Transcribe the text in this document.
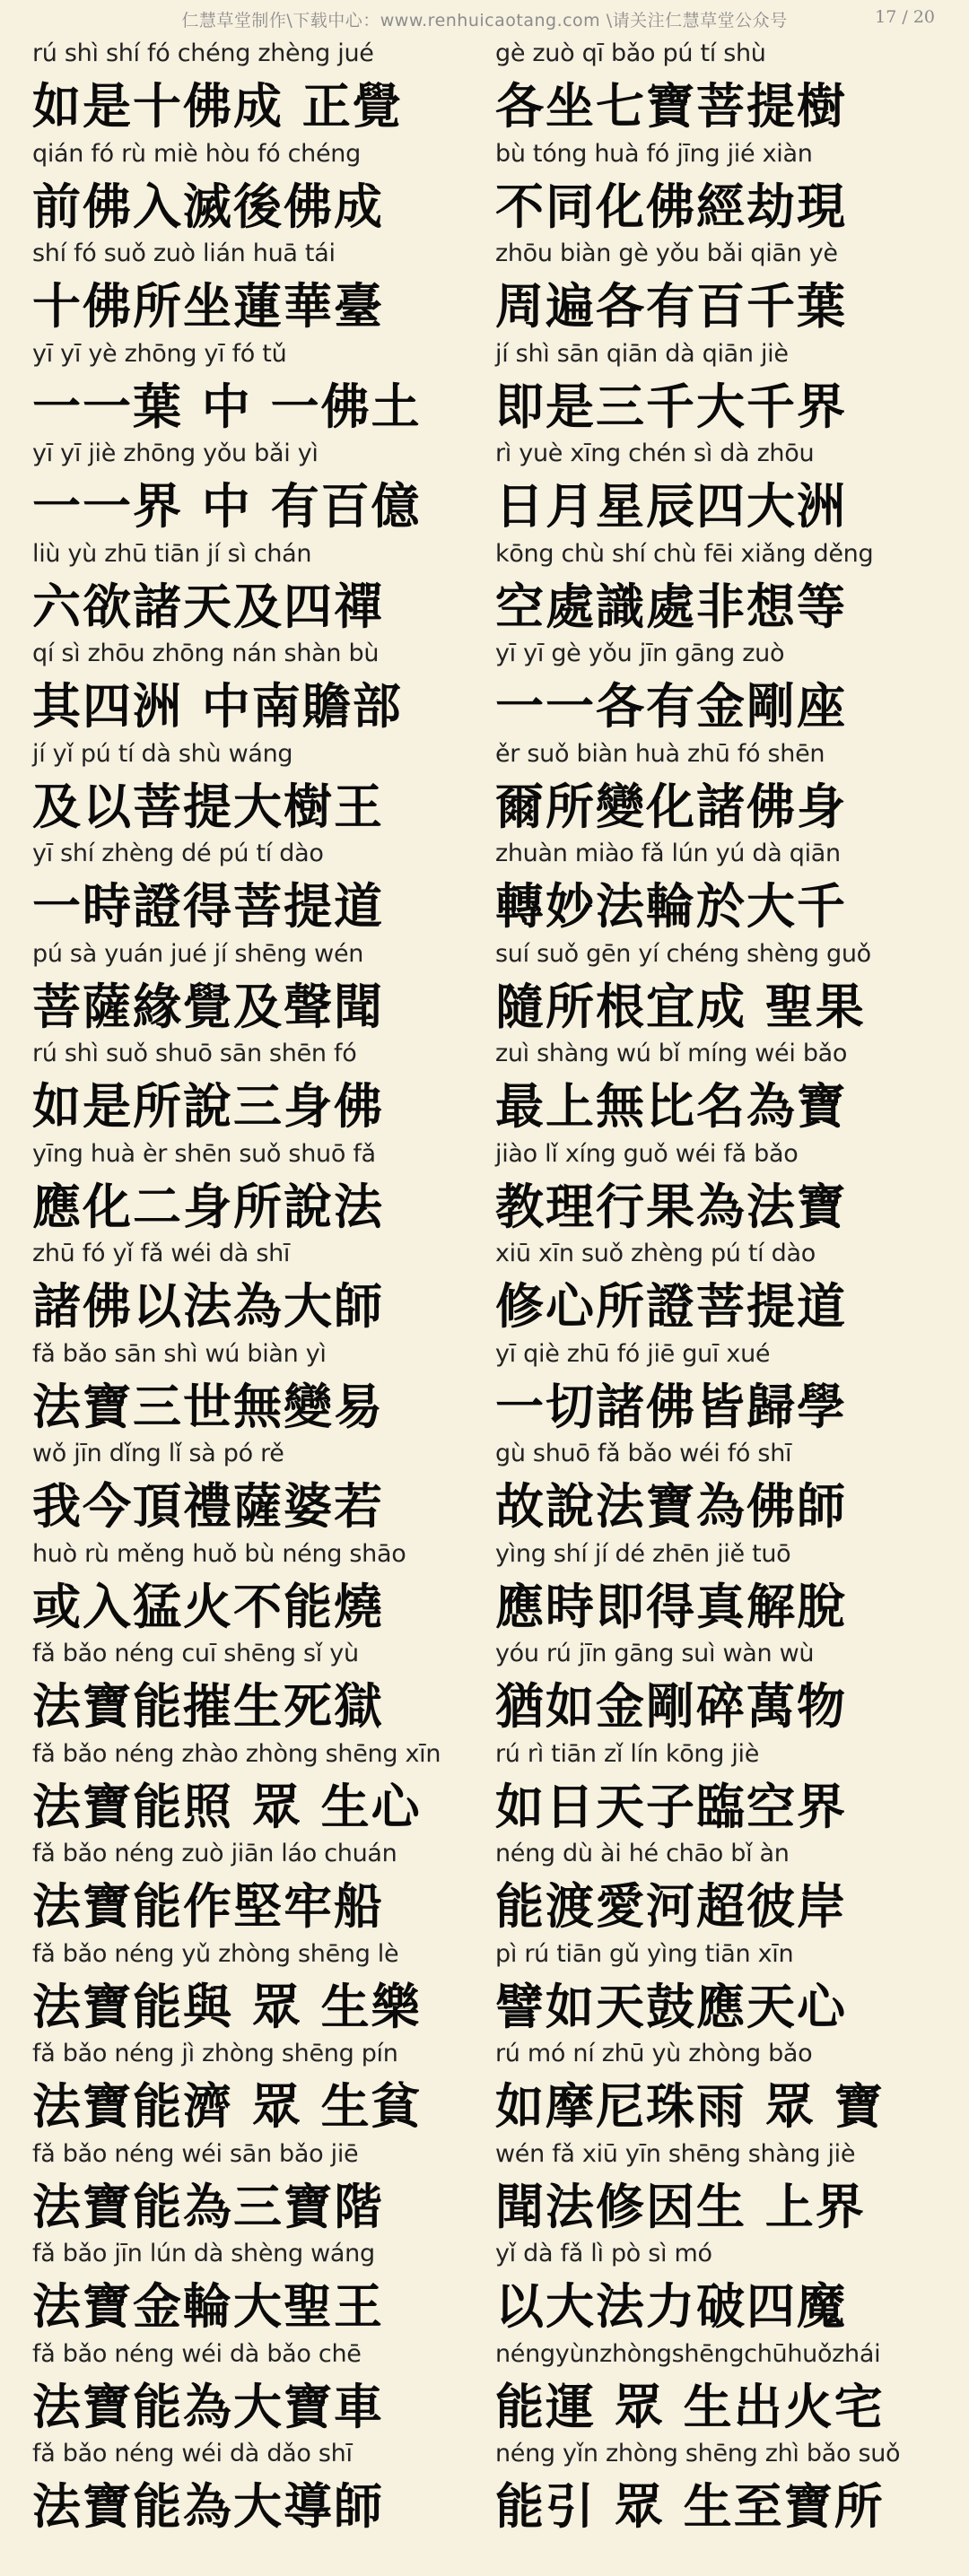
仁慧草堂制作\下载中心：www.renhuicaotang.com \请关注仁慧草堂公众号	17 / 20
rú shì shí fó chéng zhèng jué
如是十佛成 正覺
gè zuò qī bǎo pú tí shù
各坐七寶菩提樹
qián fó rù miè hòu fó chéng
前佛入滅後佛成
bù tóng huà fó jīng jié xiàn
不同化佛經劫現
shí fó suǒ zuò lián huā tái
十佛所坐蓮華臺
zhōu biàn gè yǒu bǎi qiān yè
周遍各有百千葉
yī yī yè zhōng yī fó tǔ
一一葉 中 一佛土
jí shì sān qiān dà qiān jiè
即是三千大千界
yī yī jiè zhōng yǒu bǎi yì
一一界 中 有百億
rì yuè xīng chén sì dà zhōu
日月星辰四大洲
liù yù zhū tiān jí sì chán
六欲諸天及四禪
kōng chù shí chù fēi xiǎng děng
空處識處非想等
qí sì zhōu zhōng nán shàn bù
其四洲 中南贍部
yī yī gè yǒu jīn gāng zuò
一一各有金剛座
jí yǐ pú tí dà shù wáng
及以菩提大樹王
ěr suǒ biàn huà zhū fó shēn
爾所變化諸佛身
yī shí zhèng dé pú tí dào
一時證得菩提道
zhuàn miào fǎ lún yú dà qiān
轉妙法輪於大千
pú sà yuán jué jí shēng wén
菩薩緣覺及聲聞
suí suǒ gēn yí chéng shèng guǒ
隨所根宜成 聖果
rú shì suǒ shuō sān shēn fó
如是所說三身佛
zuì shàng wú bǐ míng wéi bǎo
最上無比名為寶
yīng huà èr shēn suǒ shuō fǎ
應化二身所說法
jiào lǐ xíng guǒ wéi fǎ bǎo
教理行果為法寶
zhū fó yǐ fǎ wéi dà shī
諸佛以法為大師
xiū xīn suǒ zhèng pú tí dào
修心所證菩提道
fǎ bǎo sān shì wú biàn yì
法寶三世無變易
yī qiè zhū fó jiē guī xué
一切諸佛皆歸學
wǒ jīn dǐng lǐ sà pó rě
我今頂禮薩婆若
gù shuō fǎ bǎo wéi fó shī
故說法寶為佛師
huò rù měng huǒ bù néng shāo
或入猛火不能燒
yìng shí jí dé zhēn jiě tuō
應時即得真解脫
fǎ bǎo néng cuī shēng sǐ yù
法寶能摧生死獄
yóu rú jīn gāng suì wàn wù
猶如金剛碎萬物
fǎ bǎo néng zhào zhòng shēng xīn
法寶能照 眾 生心
rú rì tiān zǐ lín kōng jiè
如日天子臨空界
fǎ bǎo néng zuò jiān láo chuán
法寶能作堅牢船
néng dù ài hé chāo bǐ àn
能渡愛河超彼岸
fǎ bǎo néng yǔ zhòng shēng lè
法寶能與 眾 生樂
pì rú tiān gǔ yìng tiān xīn
譬如天鼓應天心
fǎ bǎo néng jì zhòng shēng pín
法寶能濟 眾 生貧
rú mó ní zhū yù zhòng bǎo
如摩尼珠雨 眾 寶
fǎ bǎo néng wéi sān bǎo jiē
法寶能為三寶階
wén fǎ xiū yīn shēng shàng jiè
聞法修因生 上界
fǎ bǎo jīn lún dà shèng wáng
法寶金輪大聖王
yǐ dà fǎ lì pò sì mó
以大法力破四魔
fǎ bǎo néng wéi dà bǎo chē
法寶能為大寶車
néngyùnzhòngshēngchūhuǒzhái
能運 眾 生出火宅
fǎ bǎo néng wéi dà dǎo shī
法寶能為大導師
néng yǐn zhòng shēng zhì bǎo suǒ
能引 眾 生至寶所
